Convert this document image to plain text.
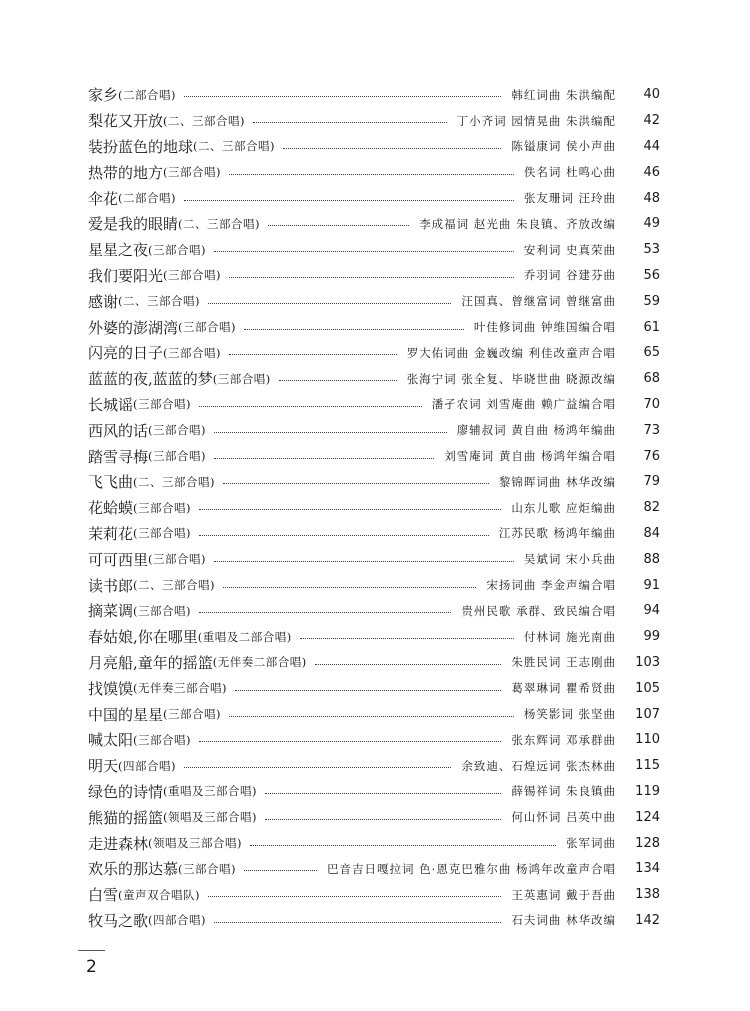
家乡 (二部合唱)	韩红词曲 朱洪编配	40
梨花又开放 (二、三部合唱)	丁小齐词 园情晃曲 朱洪编配	42
装扮蓝色的地球 (二、三部合唱)	陈镒康词 侯小声曲	44
热带的地方 (三部合唱)	佚名词 杜鸣心曲	46
伞花 (二部合唱)	张友珊词 汪玲曲	48
爱是我的眼睛 (二、三部合唱)	李成福词 赵光曲 朱良镇、齐放改编	49
星星之夜 (三部合唱)	安利词 史真荣曲	53
我们要阳光 (三部合唱)	乔羽词 谷建芬曲	56
感谢 (二、三部合唱)	汪国真、曾继富词 曾继富曲	59
外婆的澎湖湾 (三部合唱)	叶佳修词曲 钟维国编合唱	61
闪亮的日子 (三部合唱)	罗大佑词曲 金巍改编 利佳改童声合唱	65
蓝蓝的夜,蓝蓝的梦 (三部合唱)	张海宁词 张全复、毕晓世曲 晓源改编	68
长城谣 (三部合唱)	潘孑农词 刘雪庵曲 赖广益编合唱	70
西风的话 (三部合唱)	廖辅叔词 黄自曲 杨鸿年编曲	73
踏雪寻梅 (三部合唱)	刘雪庵词 黄自曲 杨鸿年编合唱	76
飞飞曲 (二、三部合唱)	黎锦晖词曲 林华改编	79
花蛤蟆 (三部合唱)	山东儿歌 应炬编曲	82
茉莉花 (三部合唱)	江苏民歌 杨鸿年编曲	84
可可西里 (三部合唱)	吴斌词 宋小兵曲	88
读书郎 (二、三部合唱)	宋扬词曲 李金声编合唱	91
摘菜调 (三部合唱)	贵州民歌 承群、致民编合唱	94
春姑娘,你在哪里 (重唱及二部合唱)	付林词 施光南曲	99
月亮船,童年的摇篮 (无伴奏二部合唱)	朱胜民词 王志刚曲	103
找馍馍 (无伴奏三部合唱)	葛翠琳词 瞿希贤曲	105
中国的星星 (三部合唱)	杨笑影词 张坚曲	107
喊太阳 (三部合唱)	张东辉词 邓承群曲	110
明天 (四部合唱)	余致迪、石煌远词 张杰林曲	115
绿色的诗情 (重唱及三部合唱)	薛锡祥词 朱良镇曲	119
熊猫的摇篮 (领唱及三部合唱)	何山怀词 吕英中曲	124
走进森林 (领唱及三部合唱)	张军词曲	128
欢乐的那达慕 (三部合唱)	巴音吉日嘎拉词 色·恩克巴雅尔曲 杨鸿年改童声合唱	134
白雪 (童声双合唱队)	王英惠词 戴于吾曲	138
牧马之歌 (四部合唱)	石夫词曲 林华改编	142
2
